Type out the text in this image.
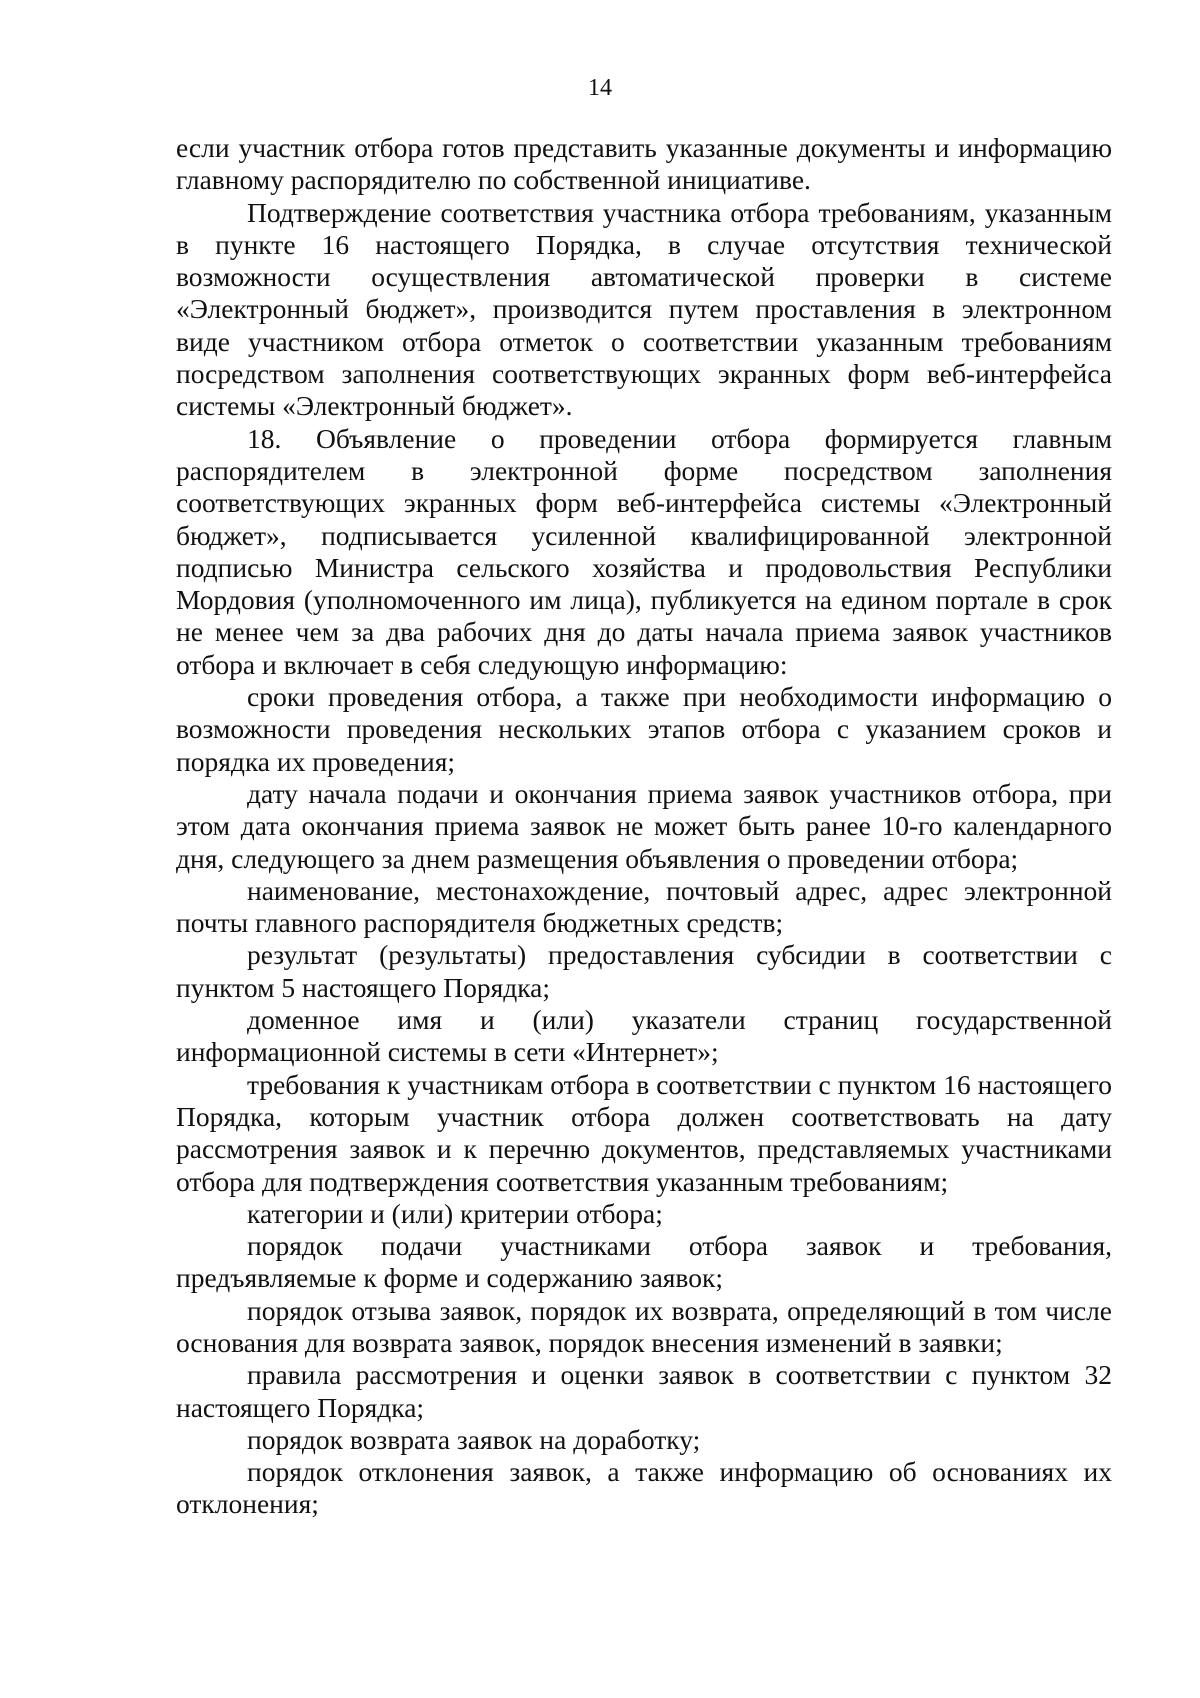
14

если участник отбора готов представить указанные документы и информацию главному распорядителю по собственной инициативе.

Подтверждение соответствия участника отбора требованиям, указанным в пункте 16 настоящего Порядка, в случае отсутствия технической возможности осуществления автоматической проверки в системе «Электронный бюджет», производится путем проставления в электронном виде участником отбора отметок о соответствии указанным требованиям посредством заполнения соответствующих экранных форм веб-интерфейса системы «Электронный бюджет».

18. Объявление о проведении отбора формируется главным распорядителем в электронной форме посредством заполнения соответствующих экранных форм веб-интерфейса системы «Электронный бюджет», подписывается усиленной квалифицированной электронной подписью Министра сельского хозяйства и продовольствия Республики Мордовия (уполномоченного им лица), публикуется на едином портале в срок не менее чем за два рабочих дня до даты начала приема заявок участников отбора и включает в себя следующую информацию:

сроки проведения отбора, а также при необходимости информацию о возможности проведения нескольких этапов отбора с указанием сроков и порядка их проведения;

дату начала подачи и окончания приема заявок участников отбора, при этом дата окончания приема заявок не может быть ранее 10-го календарного дня, следующего за днем размещения объявления о проведении отбора;

наименование, местонахождение, почтовый адрес, адрес электронной почты главного распорядителя бюджетных средств;

результат (результаты) предоставления субсидии в соответствии с пунктом 5 настоящего Порядка;

доменное имя и (или) указатели страниц государственной информационной системы в сети «Интернет»;

требования к участникам отбора в соответствии с пунктом 16 настоящего Порядка, которым участник отбора должен соответствовать на дату рассмотрения заявок и к перечню документов, представляемых участниками отбора для подтверждения соответствия указанным требованиям;

категории и (или) критерии отбора;

порядок подачи участниками отбора заявок и требования, предъявляемые к форме и содержанию заявок;

порядок отзыва заявок, порядок их возврата, определяющий в том числе основания для возврата заявок, порядок внесения изменений в заявки;

правила рассмотрения и оценки заявок в соответствии с пунктом 32 настоящего Порядка;

порядок возврата заявок на доработку;

порядок отклонения заявок, а также информацию об основаниях их отклонения;
